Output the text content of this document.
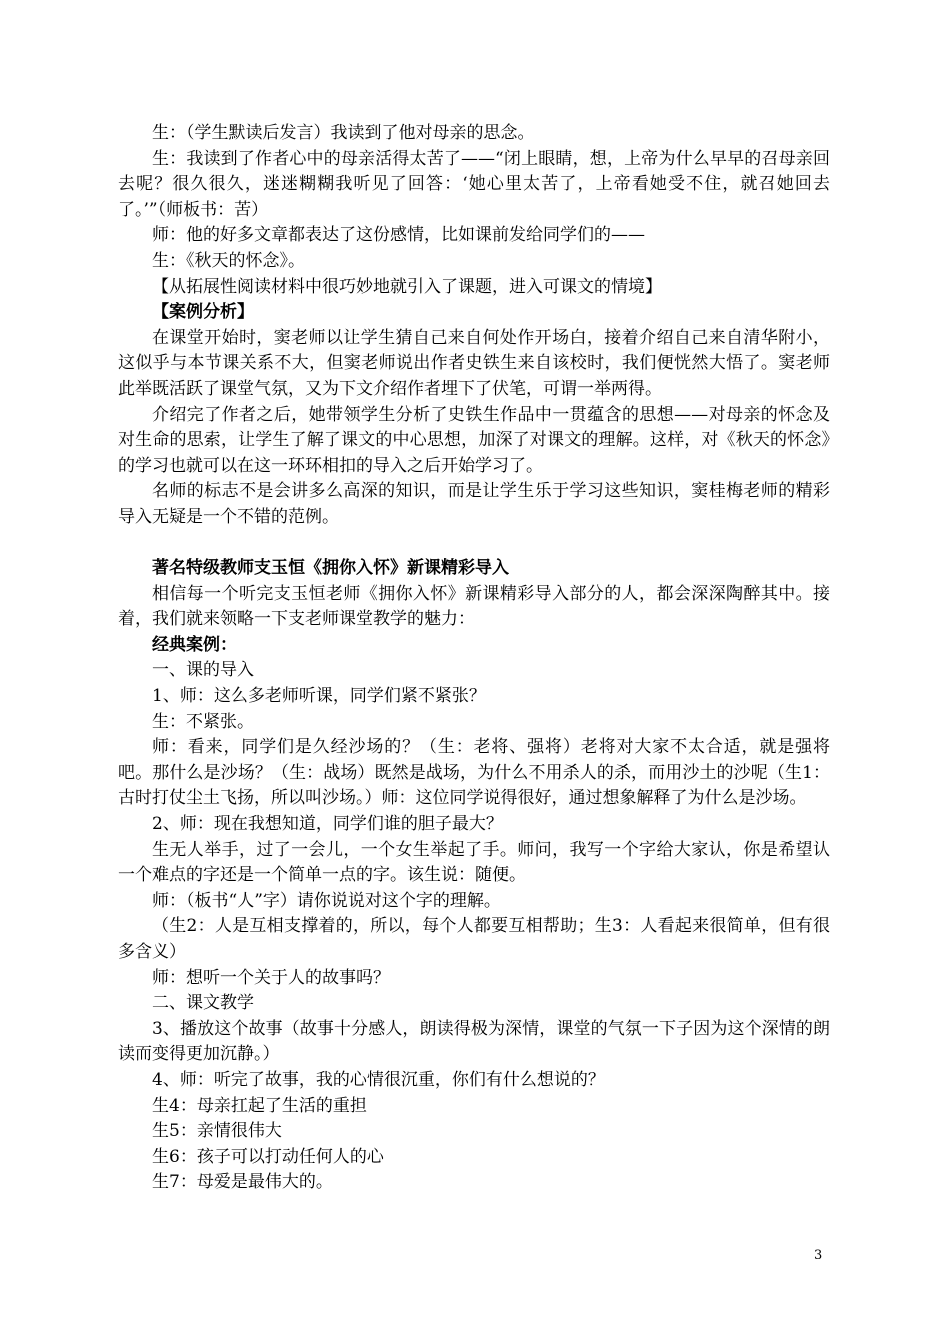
生：（学生默读后发言）我读到了他对母亲的思念。

生：我读到了作者心中的母亲活得太苦了——“闭上眼睛，想，上帝为什么早早的召母亲回去呢？很久很久，迷迷糊糊我听见了回答：‘她心里太苦了，上帝看她受不住，就召她回去了。’”（师板书：苦）

师：他的好多文章都表达了这份感情，比如课前发给同学们的——

生：《秋天的怀念》。

【从拓展性阅读材料中很巧妙地就引入了课题，进入可课文的情境】

【案例分析】

在课堂开始时，窦老师以让学生猜自己来自何处作开场白，接着介绍自己来自清华附小，这似乎与本节课关系不大，但窦老师说出作者史铁生来自该校时，我们便恍然大悟了。窦老师此举既活跃了课堂气氛，又为下文介绍作者埋下了伏笔，可谓一举两得。

介绍完了作者之后，她带领学生分析了史铁生作品中一贯蕴含的思想——对母亲的怀念及对生命的思索，让学生了解了课文的中心思想，加深了对课文的理解。这样，对《秋天的怀念》的学习也就可以在这一环环相扣的导入之后开始学习了。

名师的标志不是会讲多么高深的知识，而是让学生乐于学习这些知识，窦桂梅老师的精彩导入无疑是一个不错的范例。

著名特级教师支玉恒《拥你入怀》新课精彩导入

相信每一个听完支玉恒老师《拥你入怀》新课精彩导入部分的人，都会深深陶醉其中。接着，我们就来领略一下支老师课堂教学的魅力：

经典案例：

一、课的导入

1、师：这么多老师听课，同学们紧不紧张？

生：不紧张。

师：看来，同学们是久经沙场的？（生：老将、强将）老将对大家不太合适，就是强将吧。那什么是沙场？（生：战场）既然是战场，为什么不用杀人的杀，而用沙土的沙呢（生1：古时打仗尘土飞扬，所以叫沙场。）师：这位同学说得很好，通过想象解释了为什么是沙场。

2、师：现在我想知道，同学们谁的胆子最大？

生无人举手，过了一会儿，一个女生举起了手。师问，我写一个字给大家认，你是希望认一个难点的字还是一个简单一点的字。该生说：随便。

师：（板书“人”字）请你说说对这个字的理解。

（生2：人是互相支撑着的，所以，每个人都要互相帮助；生3：人看起来很简单，但有很多含义）

师：想听一个关于人的故事吗？

二、课文教学

3、播放这个故事（故事十分感人，朗读得极为深情，课堂的气氛一下子因为这个深情的朗读而变得更加沉静。）

4、师：听完了故事，我的心情很沉重，你们有什么想说的？

生4：母亲扛起了生活的重担

生5：亲情很伟大

生6：孩子可以打动任何人的心

生7：母爱是最伟大的。

3
